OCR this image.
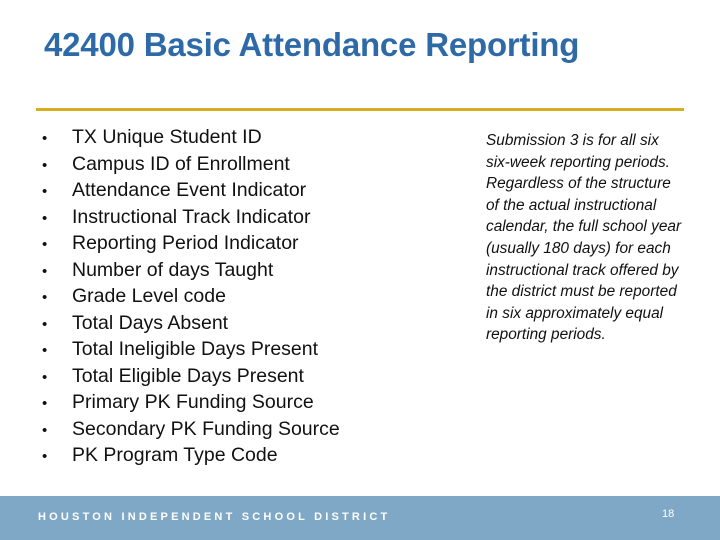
42400 Basic Attendance Reporting
•	TX Unique Student ID
•	Campus ID of Enrollment
•	Attendance Event Indicator
•	Instructional Track Indicator
•	Reporting Period Indicator
•	Number of days Taught
•	Grade Level code
•	Total Days Absent
•	Total Ineligible Days Present
•	Total Eligible Days Present
•	Primary PK Funding Source
•	Secondary PK Funding Source
•	PK Program Type Code

Submission 3 is for all six six-week reporting periods. Regardless of the structure of the actual instructional calendar, the full school year (usually 180 days) for each instructional track offered by the district must be reported in six approximately equal reporting periods.

HOUSTON INDEPENDENT SCHOOL DISTRICT	18
